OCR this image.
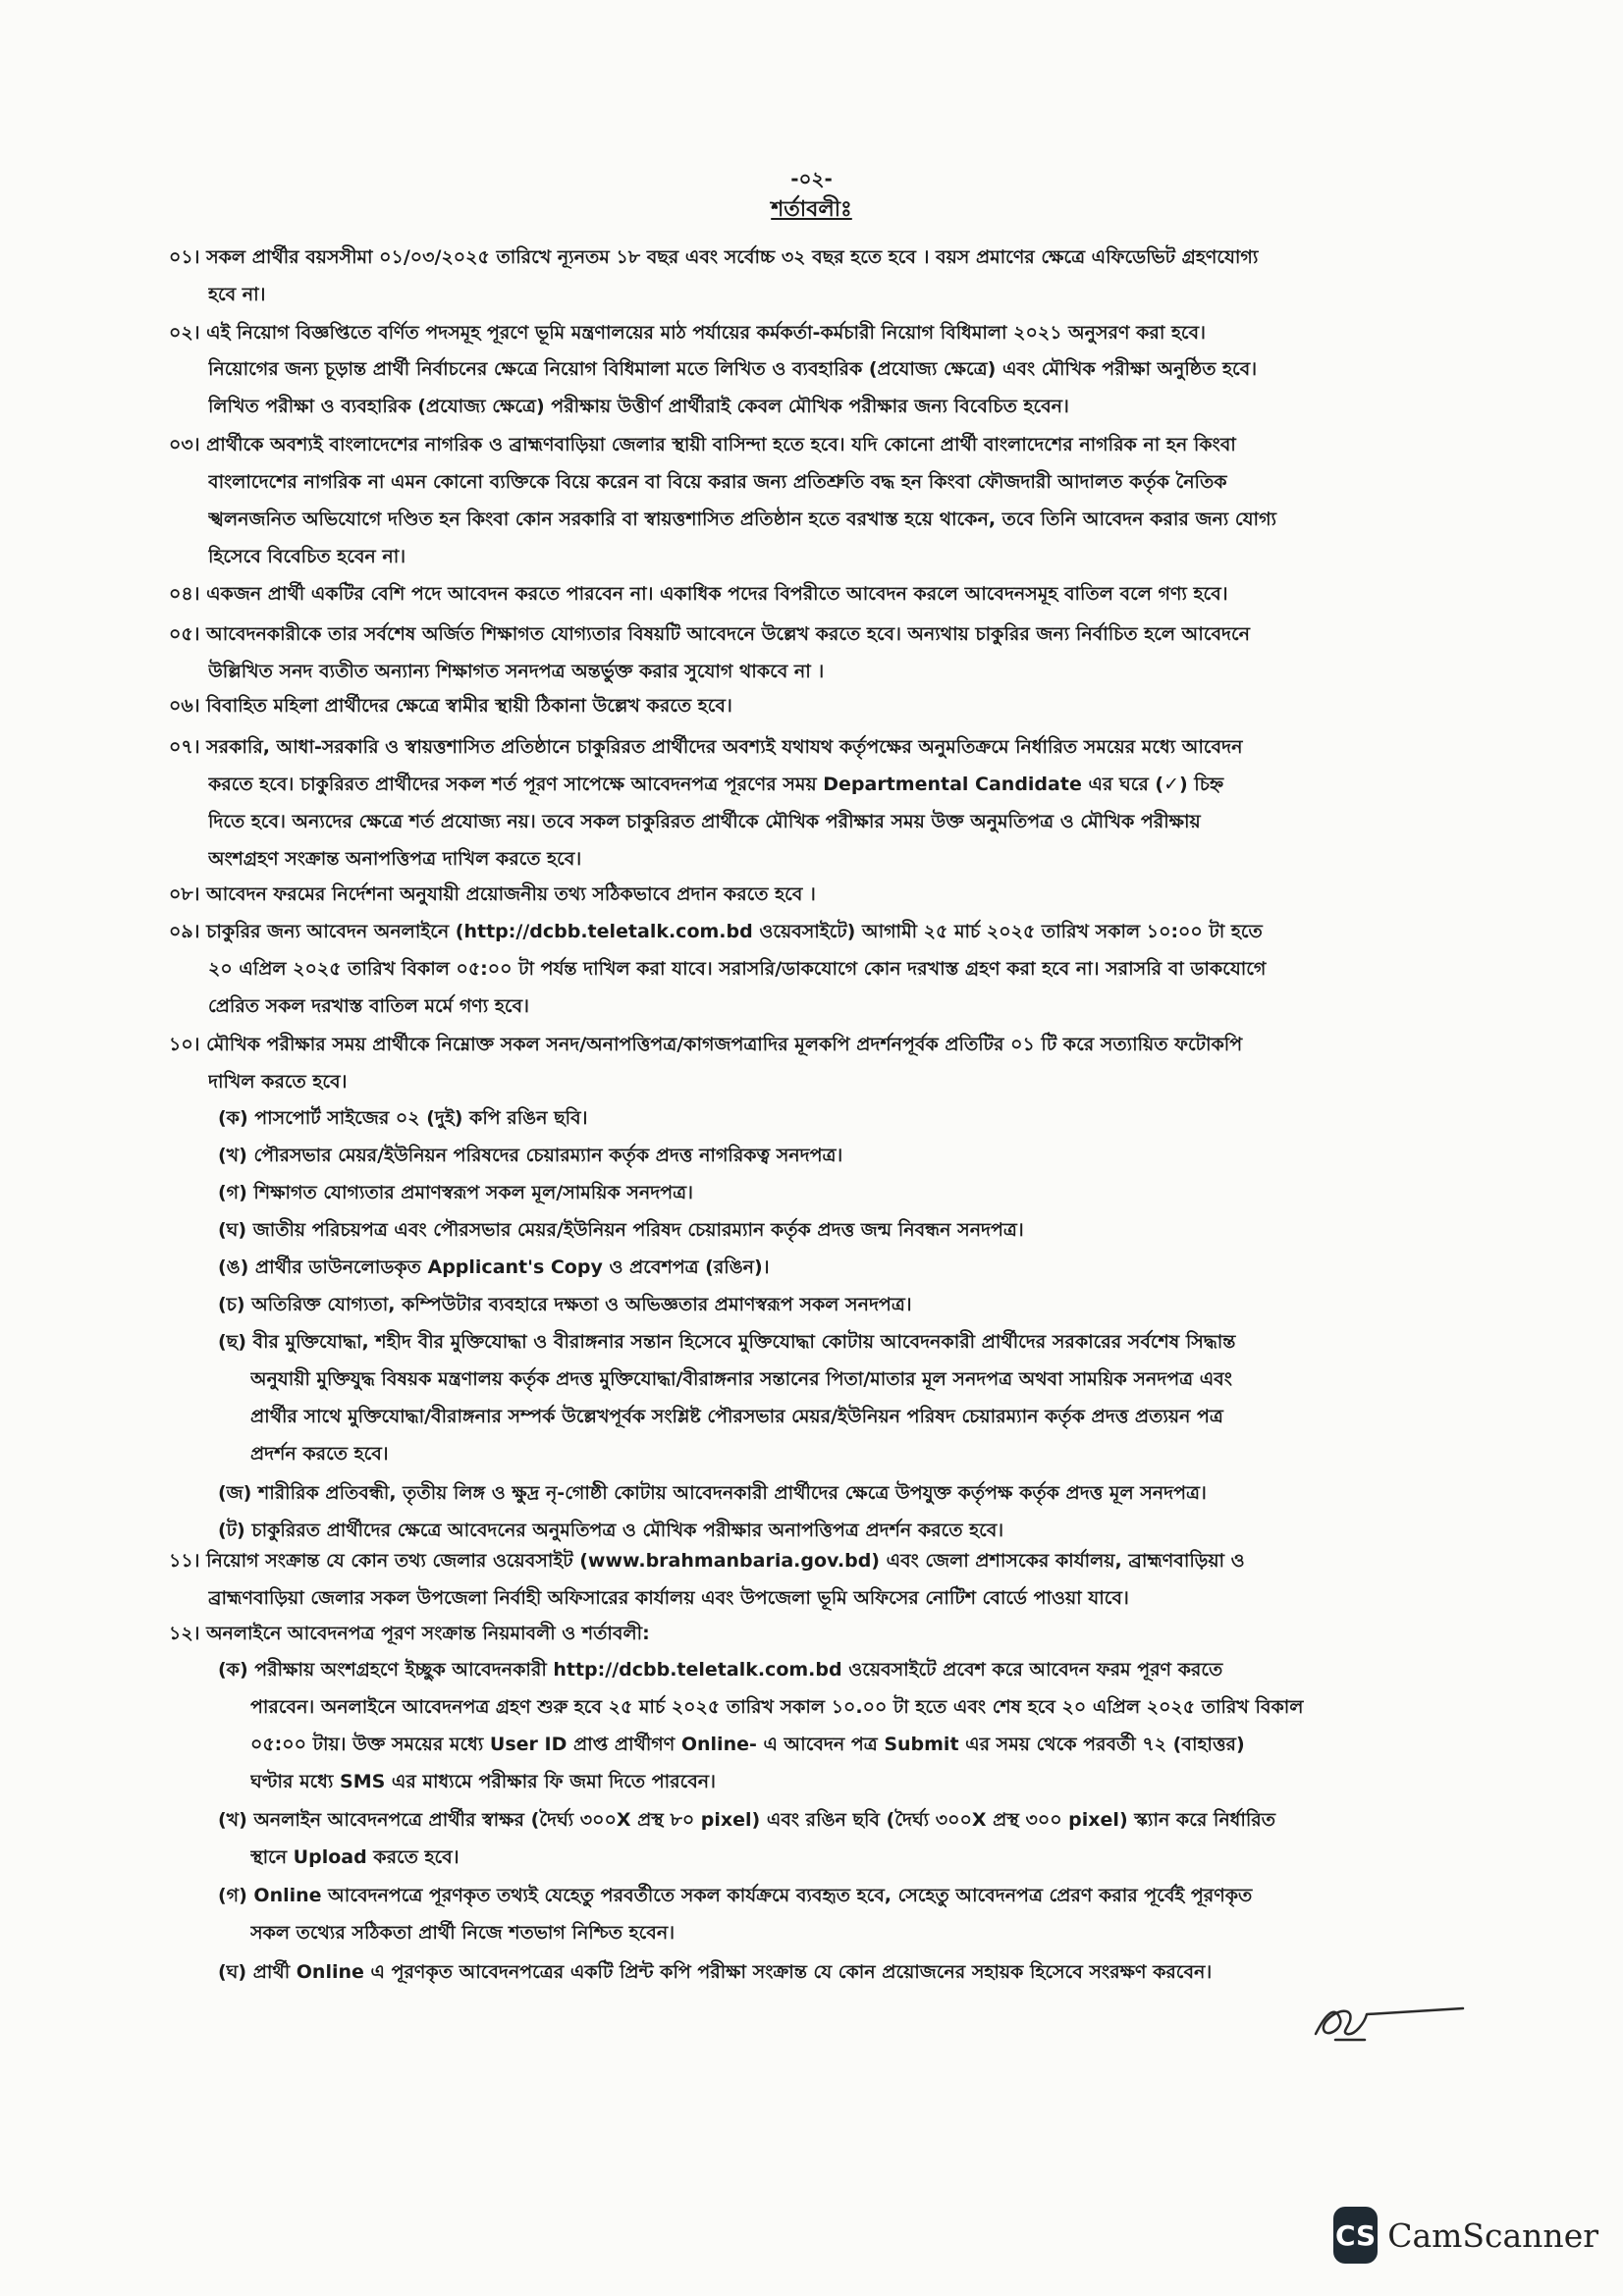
-০২-
শর্তাবলীঃ
০১। সকল প্রার্থীর বয়সসীমা ০১/০৩/২০২৫ তারিখে ন্যূনতম ১৮ বছর এবং সর্বোচ্চ ৩২ বছর হতে হবে । বয়স প্রমাণের ক্ষেত্রে এফিডেভিট গ্রহণযোগ্য
হবে না।
০২। এই নিয়োগ বিজ্ঞপ্তিতে বর্ণিত পদসমূহ পূরণে ভূমি মন্ত্রণালয়ের মাঠ পর্যায়ের কর্মকর্তা-কর্মচারী নিয়োগ বিধিমালা ২০২১ অনুসরণ করা হবে।
নিয়োগের জন্য চূড়ান্ত প্রার্থী নির্বাচনের ক্ষেত্রে নিয়োগ বিধিমালা মতে লিখিত ও ব্যবহারিক (প্রযোজ্য ক্ষেত্রে) এবং মৌখিক পরীক্ষা অনুষ্ঠিত হবে।
লিখিত পরীক্ষা ও ব্যবহারিক (প্রযোজ্য ক্ষেত্রে) পরীক্ষায় উত্তীর্ণ প্রার্থীরাই কেবল মৌখিক পরীক্ষার জন্য বিবেচিত হবেন।
০৩। প্রার্থীকে অবশ্যই বাংলাদেশের নাগরিক ও ব্রাহ্মণবাড়িয়া জেলার স্থায়ী বাসিন্দা হতে হবে। যদি কোনো প্রার্থী বাংলাদেশের নাগরিক না হন কিংবা
বাংলাদেশের নাগরিক না এমন কোনো ব্যক্তিকে বিয়ে করেন বা বিয়ে করার জন্য প্রতিশ্রুতি বদ্ধ হন কিংবা ফৌজদারী আদালত কর্তৃক নৈতিক
স্খলনজনিত অভিযোগে দণ্ডিত হন কিংবা কোন সরকারি বা স্বায়ত্তশাসিত প্রতিষ্ঠান হতে বরখাস্ত হয়ে থাকেন, তবে তিনি আবেদন করার জন্য যোগ্য
হিসেবে বিবেচিত হবেন না।
০৪। একজন প্রার্থী একটির বেশি পদে আবেদন করতে পারবেন না। একাধিক পদের বিপরীতে আবেদন করলে আবেদনসমূহ বাতিল বলে গণ্য হবে।
০৫। আবেদনকারীকে তার সর্বশেষ অর্জিত শিক্ষাগত যোগ্যতার বিষয়টি আবেদনে উল্লেখ করতে হবে। অন্যথায় চাকুরির জন্য নির্বাচিত হলে আবেদনে
উল্লিখিত সনদ ব্যতীত অন্যান্য শিক্ষাগত সনদপত্র অন্তর্ভুক্ত করার সুযোগ থাকবে না ।
০৬। বিবাহিত মহিলা প্রার্থীদের ক্ষেত্রে স্বামীর স্থায়ী ঠিকানা উল্লেখ করতে হবে।
০৭। সরকারি, আধা-সরকারি ও স্বায়ত্তশাসিত প্রতিষ্ঠানে চাকুরিরত প্রার্থীদের অবশ্যই যথাযথ কর্তৃপক্ষের অনুমতিক্রমে নির্ধারিত সময়ের মধ্যে আবেদন
করতে হবে। চাকুরিরত প্রার্থীদের সকল শর্ত পূরণ সাপেক্ষে আবেদনপত্র পূরণের সময় Departmental Candidate এর ঘরে (✓) চিহ্ন
দিতে হবে। অন্যদের ক্ষেত্রে শর্ত প্রযোজ্য নয়। তবে সকল চাকুরিরত প্রার্থীকে মৌখিক পরীক্ষার সময় উক্ত অনুমতিপত্র ও মৌখিক পরীক্ষায়
অংশগ্রহণ সংক্রান্ত অনাপত্তিপত্র দাখিল করতে হবে।
০৮। আবেদন ফরমের নির্দেশনা অনুযায়ী প্রয়োজনীয় তথ্য সঠিকভাবে প্রদান করতে হবে ।
০৯। চাকুরির জন্য আবেদন অনলাইনে (http://dcbb.teletalk.com.bd ওয়েবসাইটে) আগামী ২৫ মার্চ ২০২৫ তারিখ সকাল ১০:০০ টা হতে
২০ এপ্রিল ২০২৫ তারিখ বিকাল ০৫:০০ টা পর্যন্ত দাখিল করা যাবে। সরাসরি/ডাকযোগে কোন দরখাস্ত গ্রহণ করা হবে না। সরাসরি বা ডাকযোগে
প্রেরিত সকল দরখাস্ত বাতিল মর্মে গণ্য হবে।
১০। মৌখিক পরীক্ষার সময় প্রার্থীকে নিম্নোক্ত সকল সনদ/অনাপত্তিপত্র/কাগজপত্রাদির মূলকপি প্রদর্শনপূর্বক প্রতিটির ০১ টি করে সত্যায়িত ফটোকপি
দাখিল করতে হবে।
(ক) পাসপোর্ট সাইজের ০২ (দুই) কপি রঙিন ছবি।
(খ) পৌরসভার মেয়র/ইউনিয়ন পরিষদের চেয়ারম্যান কর্তৃক প্রদত্ত নাগরিকত্ব সনদপত্র।
(গ) শিক্ষাগত যোগ্যতার প্রমাণস্বরূপ সকল মূল/সাময়িক সনদপত্র।
(ঘ) জাতীয় পরিচয়পত্র এবং পৌরসভার মেয়র/ইউনিয়ন পরিষদ চেয়ারম্যান কর্তৃক প্রদত্ত জন্ম নিবন্ধন সনদপত্র।
(ঙ) প্রার্থীর ডাউনলোডকৃত Applicant's Copy ও প্রবেশপত্র (রঙিন)।
(চ) অতিরিক্ত যোগ্যতা, কম্পিউটার ব্যবহারে দক্ষতা ও অভিজ্ঞতার প্রমাণস্বরূপ সকল সনদপত্র।
(ছ) বীর মুক্তিযোদ্ধা, শহীদ বীর মুক্তিযোদ্ধা ও বীরাঙ্গনার সন্তান হিসেবে মুক্তিযোদ্ধা কোটায় আবেদনকারী প্রার্থীদের সরকারের সর্বশেষ সিদ্ধান্ত
অনুযায়ী মুক্তিযুদ্ধ বিষয়ক মন্ত্রণালয় কর্তৃক প্রদত্ত মুক্তিযোদ্ধা/বীরাঙ্গনার সন্তানের পিতা/মাতার মূল সনদপত্র অথবা সাময়িক সনদপত্র এবং
প্রার্থীর সাথে মুক্তিযোদ্ধা/বীরাঙ্গনার সম্পর্ক উল্লেখপূর্বক সংশ্লিষ্ট পৌরসভার মেয়র/ইউনিয়ন পরিষদ চেয়ারম্যান কর্তৃক প্রদত্ত প্রত্যয়ন পত্র
প্রদর্শন করতে হবে।
(জ) শারীরিক প্রতিবন্ধী, তৃতীয় লিঙ্গ ও ক্ষুদ্র নৃ-গোষ্ঠী কোটায় আবেদনকারী প্রার্থীদের ক্ষেত্রে উপযুক্ত কর্তৃপক্ষ কর্তৃক প্রদত্ত মূল সনদপত্র।
(ট) চাকুরিরত প্রার্থীদের ক্ষেত্রে আবেদনের অনুমতিপত্র ও মৌখিক পরীক্ষার অনাপত্তিপত্র প্রদর্শন করতে হবে।
১১। নিয়োগ সংক্রান্ত যে কোন তথ্য জেলার ওয়েবসাইট (www.brahmanbaria.gov.bd) এবং জেলা প্রশাসকের কার্যালয়, ব্রাহ্মণবাড়িয়া ও
ব্রাহ্মণবাড়িয়া জেলার সকল উপজেলা নির্বাহী অফিসারের কার্যালয় এবং উপজেলা ভূমি অফিসের নোটিশ বোর্ডে পাওয়া যাবে।
১২। অনলাইনে আবেদনপত্র পূরণ সংক্রান্ত নিয়মাবলী ও শর্তাবলী:
(ক) পরীক্ষায় অংশগ্রহণে ইচ্ছুক আবেদনকারী http://dcbb.teletalk.com.bd ওয়েবসাইটে প্রবেশ করে আবেদন ফরম পূরণ করতে
পারবেন। অনলাইনে আবেদনপত্র গ্রহণ শুরু হবে ২৫ মার্চ ২০২৫ তারিখ সকাল ১০.০০ টা হতে এবং শেষ হবে ২০ এপ্রিল ২০২৫ তারিখ বিকাল
০৫:০০ টায়। উক্ত সময়ের মধ্যে User ID প্রাপ্ত প্রার্থীগণ Online- এ আবেদন পত্র Submit এর সময় থেকে পরবর্তী ৭২ (বাহাত্তর)
ঘণ্টার মধ্যে SMS এর মাধ্যমে পরীক্ষার ফি জমা দিতে পারবেন।
(খ) অনলাইন আবেদনপত্রে প্রার্থীর স্বাক্ষর (দৈর্ঘ্য ৩০০X প্রস্থ ৮০ pixel) এবং রঙিন ছবি (দৈর্ঘ্য ৩০০X প্রস্থ ৩০০ pixel) স্ক্যান করে নির্ধারিত
স্থানে Upload করতে হবে।
(গ) Online আবেদনপত্রে পূরণকৃত তথ্যই যেহেতু পরবর্তীতে সকল কার্যক্রমে ব্যবহৃত হবে, সেহেতু আবেদনপত্র প্রেরণ করার পূর্বেই পূরণকৃত
সকল তথ্যের সঠিকতা প্রার্থী নিজে শতভাগ নিশ্চিত হবেন।
(ঘ) প্রার্থী Online এ পূরণকৃত আবেদনপত্রের একটি প্রিন্ট কপি পরীক্ষা সংক্রান্ত যে কোন প্রয়োজনের সহায়ক হিসেবে সংরক্ষণ করবেন।
CS CamScanner
